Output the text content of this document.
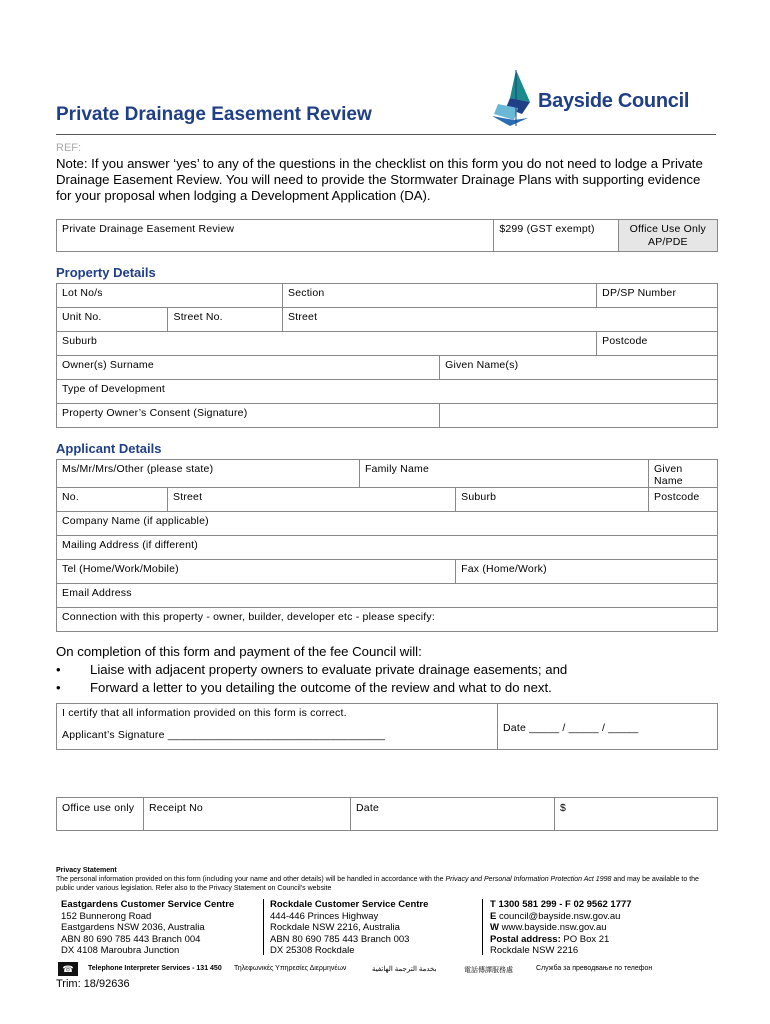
Private Drainage Easement Review
Bayside Council
REF:
Note: If you answer ‘yes’ to any of the questions in the checklist on this form you do not need to lodge a Private Drainage Easement Review. You will need to provide the Stormwater Drainage Plans with supporting evidence for your proposal when lodging a Development Application (DA).
Private Drainage Easement Review	$299 (GST exempt)	Office Use Only
AP/PDE
Property Details
Lot No/s		Section		DP/SP Number
Unit No.	Street No.	Street		
Suburb				Postcode
Owner(s) Surname			Given Name(s)	
Type of Development				
Property Owner’s Consent (Signature)				
Applicant Details
Ms/Mr/Mrs/Other (please state)		Family Name		Given Name
No.	Street		Suburb	Postcode
Company Name (if applicable)				
Mailing Address (if different)				
Tel (Home/Work/Mobile)			Fax (Home/Work)	
Email Address				
Connection with this property - owner, builder, developer etc - please specify:				
On completion of this form and payment of the fee Council will:
•	Liaise with adjacent property owners to evaluate private drainage easements; and
•	Forward a letter to you detailing the outcome of the review and what to do next.
I certify that all information provided on this form is correct.
Applicant’s Signature ____________________________________
	Date _____ / _____ / _____
Office use only	Receipt No	Date	$
Privacy Statement
The personal information provided on this form (including your name and other details) will be handled in accordance with the Privacy and Personal Information Protection Act 1998 and may be available to the public under various legislation. Refer also to the Privacy Statement on Council’s website
Eastgardens Customer Service Centre
152 Bunnerong Road
Eastgardens NSW 2036, Australia
ABN 80 690 785 443 Branch 004
DX 4108 Maroubra Junction
Rockdale Customer Service Centre
444-446 Princes Highway
Rockdale NSW 2216, Australia
ABN 80 690 785 443 Branch 003
DX 25308 Rockdale
T 1300 581 299 - F 02 9562 1777
E council@bayside.nsw.gov.au
W www.bayside.nsw.gov.au
Postal address: PO Box 21
Rockdale NSW 2216
☎	Telephone Interpreter Services - 131 450 Τηλεφωνικές Υπηρεσίες Διερμηνέων	بخدمة الترجمة الهاتفية	電話傳譯服務處	Служба за преводвање по телефон
Trim: 18/92636
